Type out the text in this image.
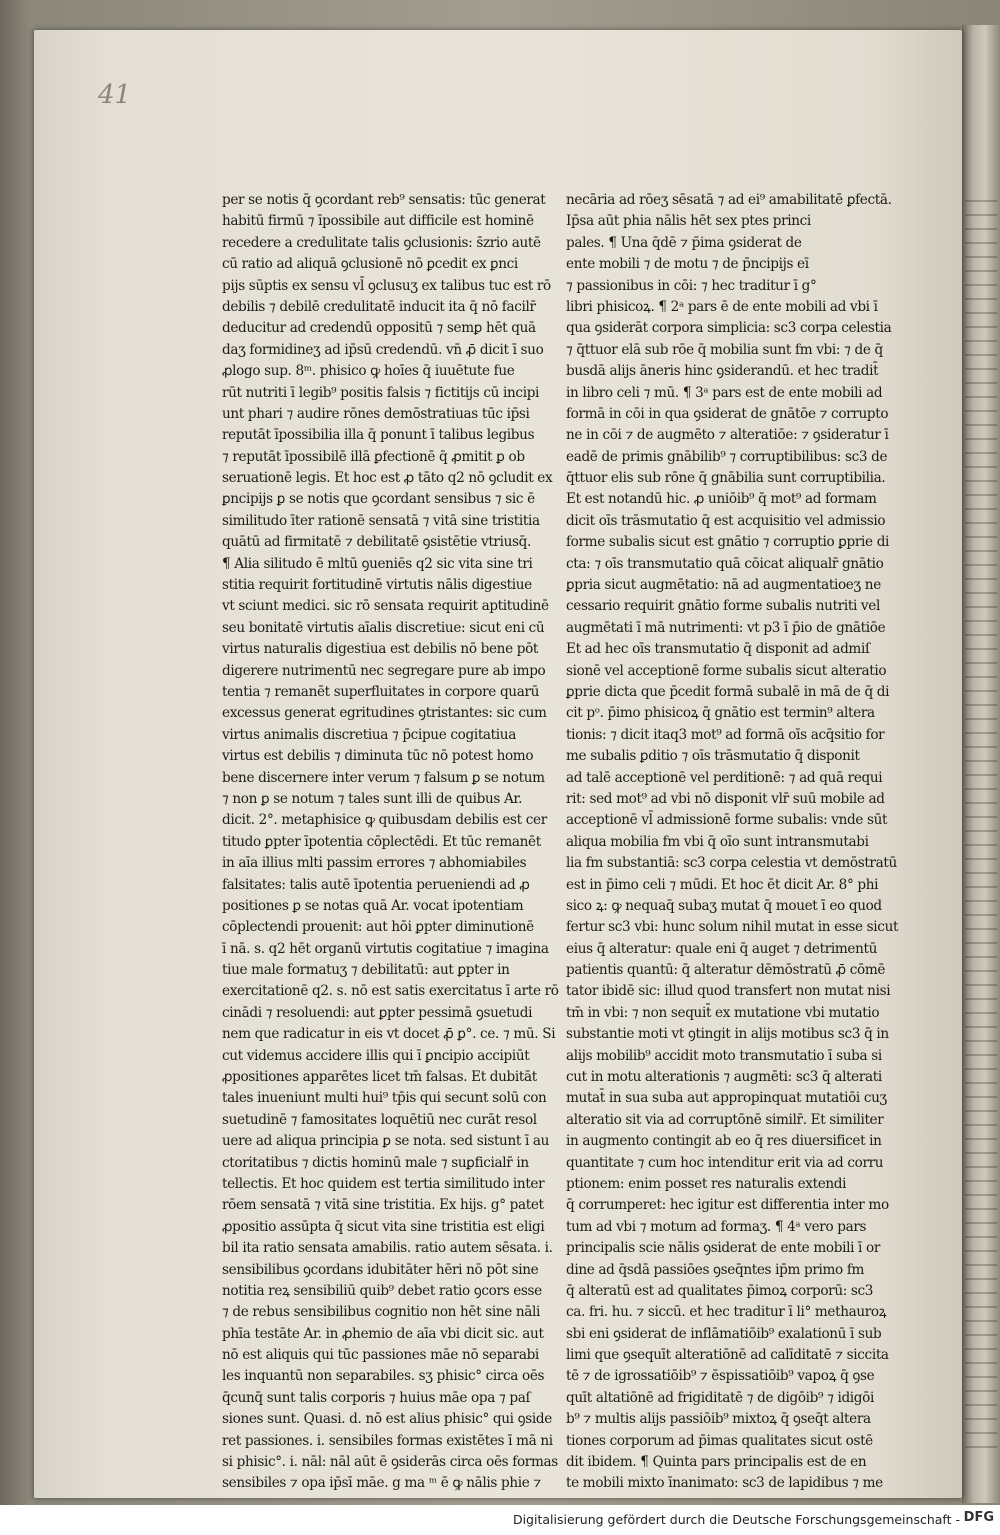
41
per se notis q̄ ꝯcordant reb⁹ sensatis: tūc generat
habitū firmū ⁊ īpossibile aut difficile est hominē
recedere a credulitate talis ꝯclusionis: s̄zrio autē
cū ratio ad aliquā ꝯclusionē nō ꝑcedit ex ꝑnci
pijs sūptis ex sensu vl̄ ꝯclusuʒ ex talibus tuc est rō
debilis ⁊ debilē credulitatē inducit ita q̄ nō facilr̄
deducitur ad credendū oppositū ⁊ semꝑ hēt quā
daʒ formidineʒ ad ip̄sū credendū. vn̄ ꝓ̄ dicit ī suo
ꝓlogo sup. 8ᵐ. phisico ꝙ hoīes q̄ iuuētute fue
rūt nutriti ī legib⁹ positis falsis ⁊ fictitijs cū incipi
unt phari ⁊ audire rōnes demōstratiuas tūc ip̄si
reputāt īpossibilia illa q̄ ponunt ī talibus legibus
⁊ reputāt īpossibilē illā ꝑfectionē q̄ ꝓmitit ꝑ ob
seruationē legis. Et hoc est ꝓ tāto q2 nō ꝯcludit ex
ꝑncipijs ꝑ se notis que ꝯcordant sensibus ⁊ sic ē
similitudo īter rationē sensatā ⁊ vitā sine tristitia
quātū ad firmitatē ⁊ debilitatē ꝯsistētie vtriusq̄.
¶ Alia silitudo ē mltū ꝯueniēs q2 sic vita sine tri
stitia requirit fortitudinē virtutis nālis digestiue
vt sciunt medici. sic rō sensata requirit aptitudinē
seu bonitatē virtutis aīalis discretiue: sicut eni cū
virtus naturalis digestiua est debilis nō bene pōt
digerere nutrimentū nec segregare pure ab impo
tentia ⁊ remanēt superfluitates in corpore quarū
excessus generat egritudines ꝯtristantes: sic cum
virtus animalis discretiua ⁊ p̄cipue cogitatiua
virtus est debilis ⁊ diminuta tūc nō potest homo
bene discernere inter verum ⁊ falsum ꝑ se notum
⁊ non ꝑ se notum ⁊ tales sunt illi de quibus Ar.
dicit. 2°. metaphisice ꝙ quibusdam debilis est cer
titudo ꝑpter īpotentia cōplectēdi. Et tūc remanēt
in aīa illius mlti passim errores ⁊ abhomiabiles
falsitates: talis autē īpotentia perueniendi ad ꝓ
positiones ꝑ se notas quā Ar. vocat ipotentiam
cōplectendi prouenit: aut hōi ꝑpter diminutionē
ī nā. s. q2 hēt organū virtutis cogitatiue ⁊ imagina
tiue male formatuʒ ⁊ debilitatū: aut ꝑpter in
exercitationē q2. s. nō est satis exercitatus ī arte rō
cinādi ⁊ resoluendi: aut ꝑpter pessimā ꝯsuetudi
nem que radicatur in eis vt docet ꝓ̄ ꝑ°. ce. ⁊ mū. Si
cut videmus accidere illis qui ī ꝑncipio accipiūt
ꝓpositiones apparētes licet tm̄ falsas. Et dubitāt
tales inueniunt multi hui⁹ tp̄is qui secunt solū con
suetudinē ⁊ famositates loquētiū nec curāt resol
uere ad aliqua principia ꝑ se nota. sed sistunt ī au
ctoritatibus ⁊ dictis hominū male ⁊ suꝑficialr̄ in
tellectis. Et hoc quidem est tertia similitudo inter
rōem sensatā ⁊ vitā sine tristitia. Ex hijs. g° patet
ꝓpositio assūpta q̄ sicut vita sine tristitia est eligi
bil ita ratio sensata amabilis. ratio autem sēsata. i.
sensibilibus ꝯcordans idubitāter hēri nō pōt sine
notitia reꝝ sensibiliū quib⁹ debet ratio ꝯcors esse
⁊ de rebus sensibilibus cognitio non hēt sine nāli
phīa testāte Ar. in ꝓhemio de aīa vbi dicit sic. aut
nō est aliquis qui tūc passiones māe nō separabi
les inquantū non separabiles. sʒ phisic° circa oēs
q̄cunq̄ sunt talis corporis ⁊ huius māe opa ⁊ paſ
siones sunt. Quasi. d. nō est alius phisic° qui ꝯside
ret passiones. i. sensibiles formas existētes ī mā ni
si phisic°. i. nāl: nāl aūt ē ꝯsiderās circa oēs formas
sensibiles ⁊ opa ip̄sī māe. g ma ᵐ ē ꝙ nālis phie ⁊
necāria ad rōeʒ sēsatā ⁊ ad ei⁹ amabilitatē ꝑfectā.
Ip̄sa aūt phia nālis hēt sex ptes princi
pales. ¶ Una q̄dē ⁊ p̄ima ꝯsiderat de
ente mobili ⁊ de motu ⁊ de p̄ncipijs eī
⁊ passionibus in cōi: ⁊ hec traditur ī g°
libri phisicoꝝ. ¶ 2ᵃ pars ē de ente mobili ad vbi ī
qua ꝯsiderāt corpora simplicia: sc3 corpa celestia
⁊ q̄ttuor elā sub rōe q̄ mobilia sunt fm vbi: ⁊ de q̄
busdā alijs āneris hinc ꝯsiderandū. et hec tradit̄
in libro celi ⁊ mū. ¶ 3ᵃ pars est de ente mobili ad
formā in cōi in qua ꝯsiderat de gnātōe ⁊ corrupto
ne in cōi ⁊ de augmēto ⁊ alteratiōe: ⁊ ꝯsideratur ī
eadē de primis gnābilib⁹ ⁊ corruptibilibus: sc3 de
q̄ttuor elis sub rōne q̄ gnābilia sunt corruptibilia.
Et est notandū hic. ꝓ uniōib⁹ q̄ mot⁹ ad formam
dicit oīs trāsmutatio q̄ est acquisitio vel admissio
forme subalis sicut est gnātio ⁊ corruptio ꝑprie di
cta: ⁊ oīs transmutatio quā cōicat aliqualr̄ gnātio
ꝑpria sicut augmētatio: nā ad augmentatioeʒ ne
cessario requirit gnātio forme subalis nutriti vel
augmētati ī mā nutrimenti: vt p3 ī p̄io de gnātiōe
Et ad hec oīs transmutatio q̄ disponit ad admiſ
sionē vel acceptionē forme subalis sicut alteratio
ꝑprie dicta que p̄cedit formā subalē in mā de q̄ di
cit pᵒ. p̄imo phisicoꝝ q̄ gnātio est termin⁹ altera
tionis: ⁊ dicit itaq3 mot⁹ ad formā oīs acq̄sitio for
me subalis ꝑditio ⁊ oīs trāsmutatio q̄ disponit
ad talē acceptionē vel perditionē: ⁊ ad quā requi
rit: sed mot⁹ ad vbi nō disponit vlr̄ suū mobile ad
acceptionē vl̄ admissionē forme subalis: vnde sūt
aliqua mobilia fm vbi q̄ oīo sunt intransmutabi
lia fm substantiā: sc3 corpa celestia vt demōstratū
est in p̄imo celi ⁊ mūdi. Et hoc ēt dicit Ar. 8° phi
sico ꝝ: ꝙ nequaq̄ subaʒ mutat q̄ mouet ī eo quod
fertur sc3 vbi: hunc solum nihil mutat in esse sicut
eius q̄ alteratur: quale eni q̄ auget ⁊ detrimentū
patientis quantū: q̄ alteratur dēmōstratū ꝓ̄ cōmē
tator ibidē sic: illud quod transfert non mutat nisi
tm̄ in vbi: ⁊ non sequit̄ ex mutatione vbi mutatio
substantie moti vt ꝯtingit in alijs motibus sc3 q̄ in
alijs mobilib⁹ accidit moto transmutatio ī suba si
cut in motu alterationis ⁊ augmēti: sc3 q̄ alterati
mutat̄ in sua suba aut appropinquat mutatiōi cuʒ
alteratio sit via ad corruptōnē similr̄. Et similiter
in augmento contingit ab eo q̄ res diuersificet in
quantitate ⁊ cum hoc intenditur erit via ad corru
ptionem: enim posset res naturalis extendi
q̄ corrumperet: hec igitur est differentia inter mo
tum ad vbi ⁊ motum ad formaʒ. ¶ 4ᵃ vero pars
principalis scie nālis ꝯsiderat de ente mobili ī or
dine ad q̄sdā passiōes ꝯseq̄ntes ip̄m primo fm
q̄ alteratū est ad qualitates p̄imoꝝ corporū: sc3
ca. fri. hu. ⁊ siccū. et hec traditur ī li° methauroꝝ
sbi eni ꝯsiderat de inflāmatiōib⁹ exalationū ī sub
limi que ꝯsequīt alteratiōnē ad calīditatē ⁊ siccita
tē ⁊ de igrossatiōib⁹ ⁊ ēspissatiōib⁹ vapoꝝ q̄ ꝯse
quīt altatiōnē ad frigiditatē ⁊ de digōib⁹ ⁊ idigōi
b⁹ ⁊ multis alijs passiōib⁹ mixtoꝝ q̄ ꝯseq̄t altera
tiones corporum ad p̄imas qualitates sicut ostē
dit ibidem. ¶ Quinta pars principalis est de en
te mobili mixto īnanimato: sc3 de lapidibus ⁊ me
Digitalisierung gefördert durch die Deutsche Forschungsgemeinschaft - DFG
